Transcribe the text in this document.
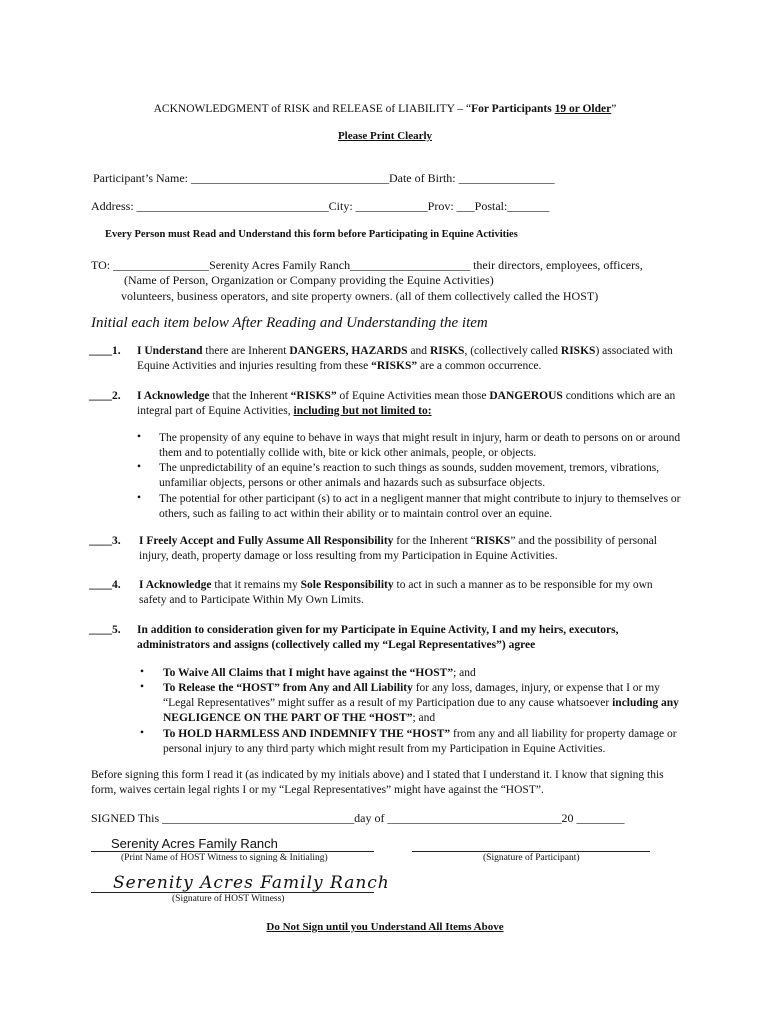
ACKNOWLEDGMENT of RISK and RELEASE of LIABILITY – “For Participants 19 or Older”
Please Print Clearly
Participant’s Name: _________________________________Date of Birth: ________________
Address: ________________________________City: ____________Prov: ___Postal:_______
Every Person must Read and Understand this form before Participating in Equine Activities
TO: ________________Serenity Acres Family Ranch____________________ their directors, employees, officers,
(Name of Person, Organization or Company providing the Equine Activities)
volunteers, business operators, and site property owners. (all of them collectively called the HOST)
Initial each item below After Reading and Understanding the item
____1. I Understand there are Inherent DANGERS, HAZARDS and RISKS, (collectively called RISKS) associated with
Equine Activities and injuries resulting from these “RISKS” are a common occurrence.
____2. I Acknowledge that the Inherent “RISKS” of Equine Activities mean those DANGEROUS conditions which are an
integral part of Equine Activities, including but not limited to:
• The propensity of any equine to behave in ways that might result in injury, harm or death to persons on or around
them and to potentially collide with, bite or kick other animals, people, or objects.
• The unpredictability of an equine’s reaction to such things as sounds, sudden movement, tremors, vibrations,
unfamiliar objects, persons or other animals and hazards such as subsurface objects.
• The potential for other participant (s) to act in a negligent manner that might contribute to injury to themselves or
others, such as failing to act within their ability or to maintain control over an equine.
____3. I Freely Accept and Fully Assume All Responsibility for the Inherent “RISKS” and the possibility of personal
injury, death, property damage or loss resulting from my Participation in Equine Activities.
____4. I Acknowledge that it remains my Sole Responsibility to act in such a manner as to be responsible for my own
safety and to Participate Within My Own Limits.
____5. In addition to consideration given for my Participate in Equine Activity, I and my heirs, executors,
administrators and assigns (collectively called my “Legal Representatives”) agree
• To Waive All Claims that I might have against the “HOST”; and
• To Release the “HOST” from Any and All Liability for any loss, damages, injury, or expense that I or my
“Legal Representatives” might suffer as a result of my Participation due to any cause whatsoever including any
NEGLIGENCE ON THE PART OF THE “HOST”; and
• To HOLD HARMLESS AND INDEMNIFY THE “HOST” from any and all liability for property damage or
personal injury to any third party which might result from my Participation in Equine Activities.
Before signing this form I read it (as indicated by my initials above) and I stated that I understand it. I know that signing this
form, waives certain legal rights I or my “Legal Representatives” might have against the “HOST”.
SIGNED This ________________________________day of _____________________________20 ________
Serenity Acres Family Ranch
(Print Name of HOST Witness to signing & Initialing)	(Signature of Participant)
Serenity Acres Family Ranch
(Signature of HOST Witness)
Do Not Sign until you Understand All Items Above
